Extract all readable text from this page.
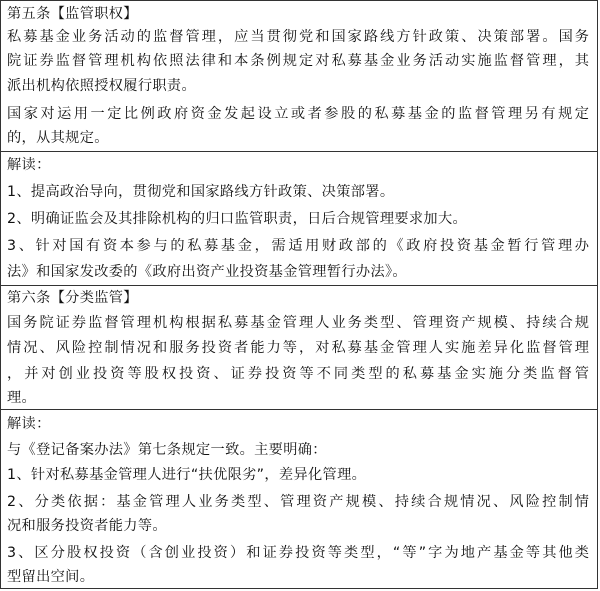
第五条【监管职权】
私募基金业务活动的监督管理，应当贯彻党和国家路线方针政策、决策部署。国务
院证券监督管理机构依照法律和本条例规定对私募基金业务活动实施监督管理，其
派出机构依照授权履行职责。
国家对运用一定比例政府资金发起设立或者参股的私募基金的监督管理另有规定
的，从其规定。
解读：
1、提高政治导向，贯彻党和国家路线方针政策、决策部署。
2、明确证监会及其排除机构的归口监管职责，日后合规管理要求加大。
3、针对国有资本参与的私募基金，需适用财政部的《政府投资基金暂行管理办
法》和国家发改委的《政府出资产业投资基金管理暂行办法》。
第六条【分类监管】
国务院证券监督管理机构根据私募基金管理人业务类型、管理资产规模、持续合规
情况、风险控制情况和服务投资者能力等，对私募基金管理人实施差异化监督管理
，并对创业投资等股权投资、证券投资等不同类型的私募基金实施分类监督管
理。
解读：
与《登记备案办法》第七条规定一致。主要明确：
1、针对私募基金管理人进行“扶优限劣”，差异化管理。
2、分类依据：基金管理人业务类型、管理资产规模、持续合规情况、风险控制情
况和服务投资者能力等。
3、区分股权投资（含创业投资）和证券投资等类型，“等”字为地产基金等其他类
型留出空间。
